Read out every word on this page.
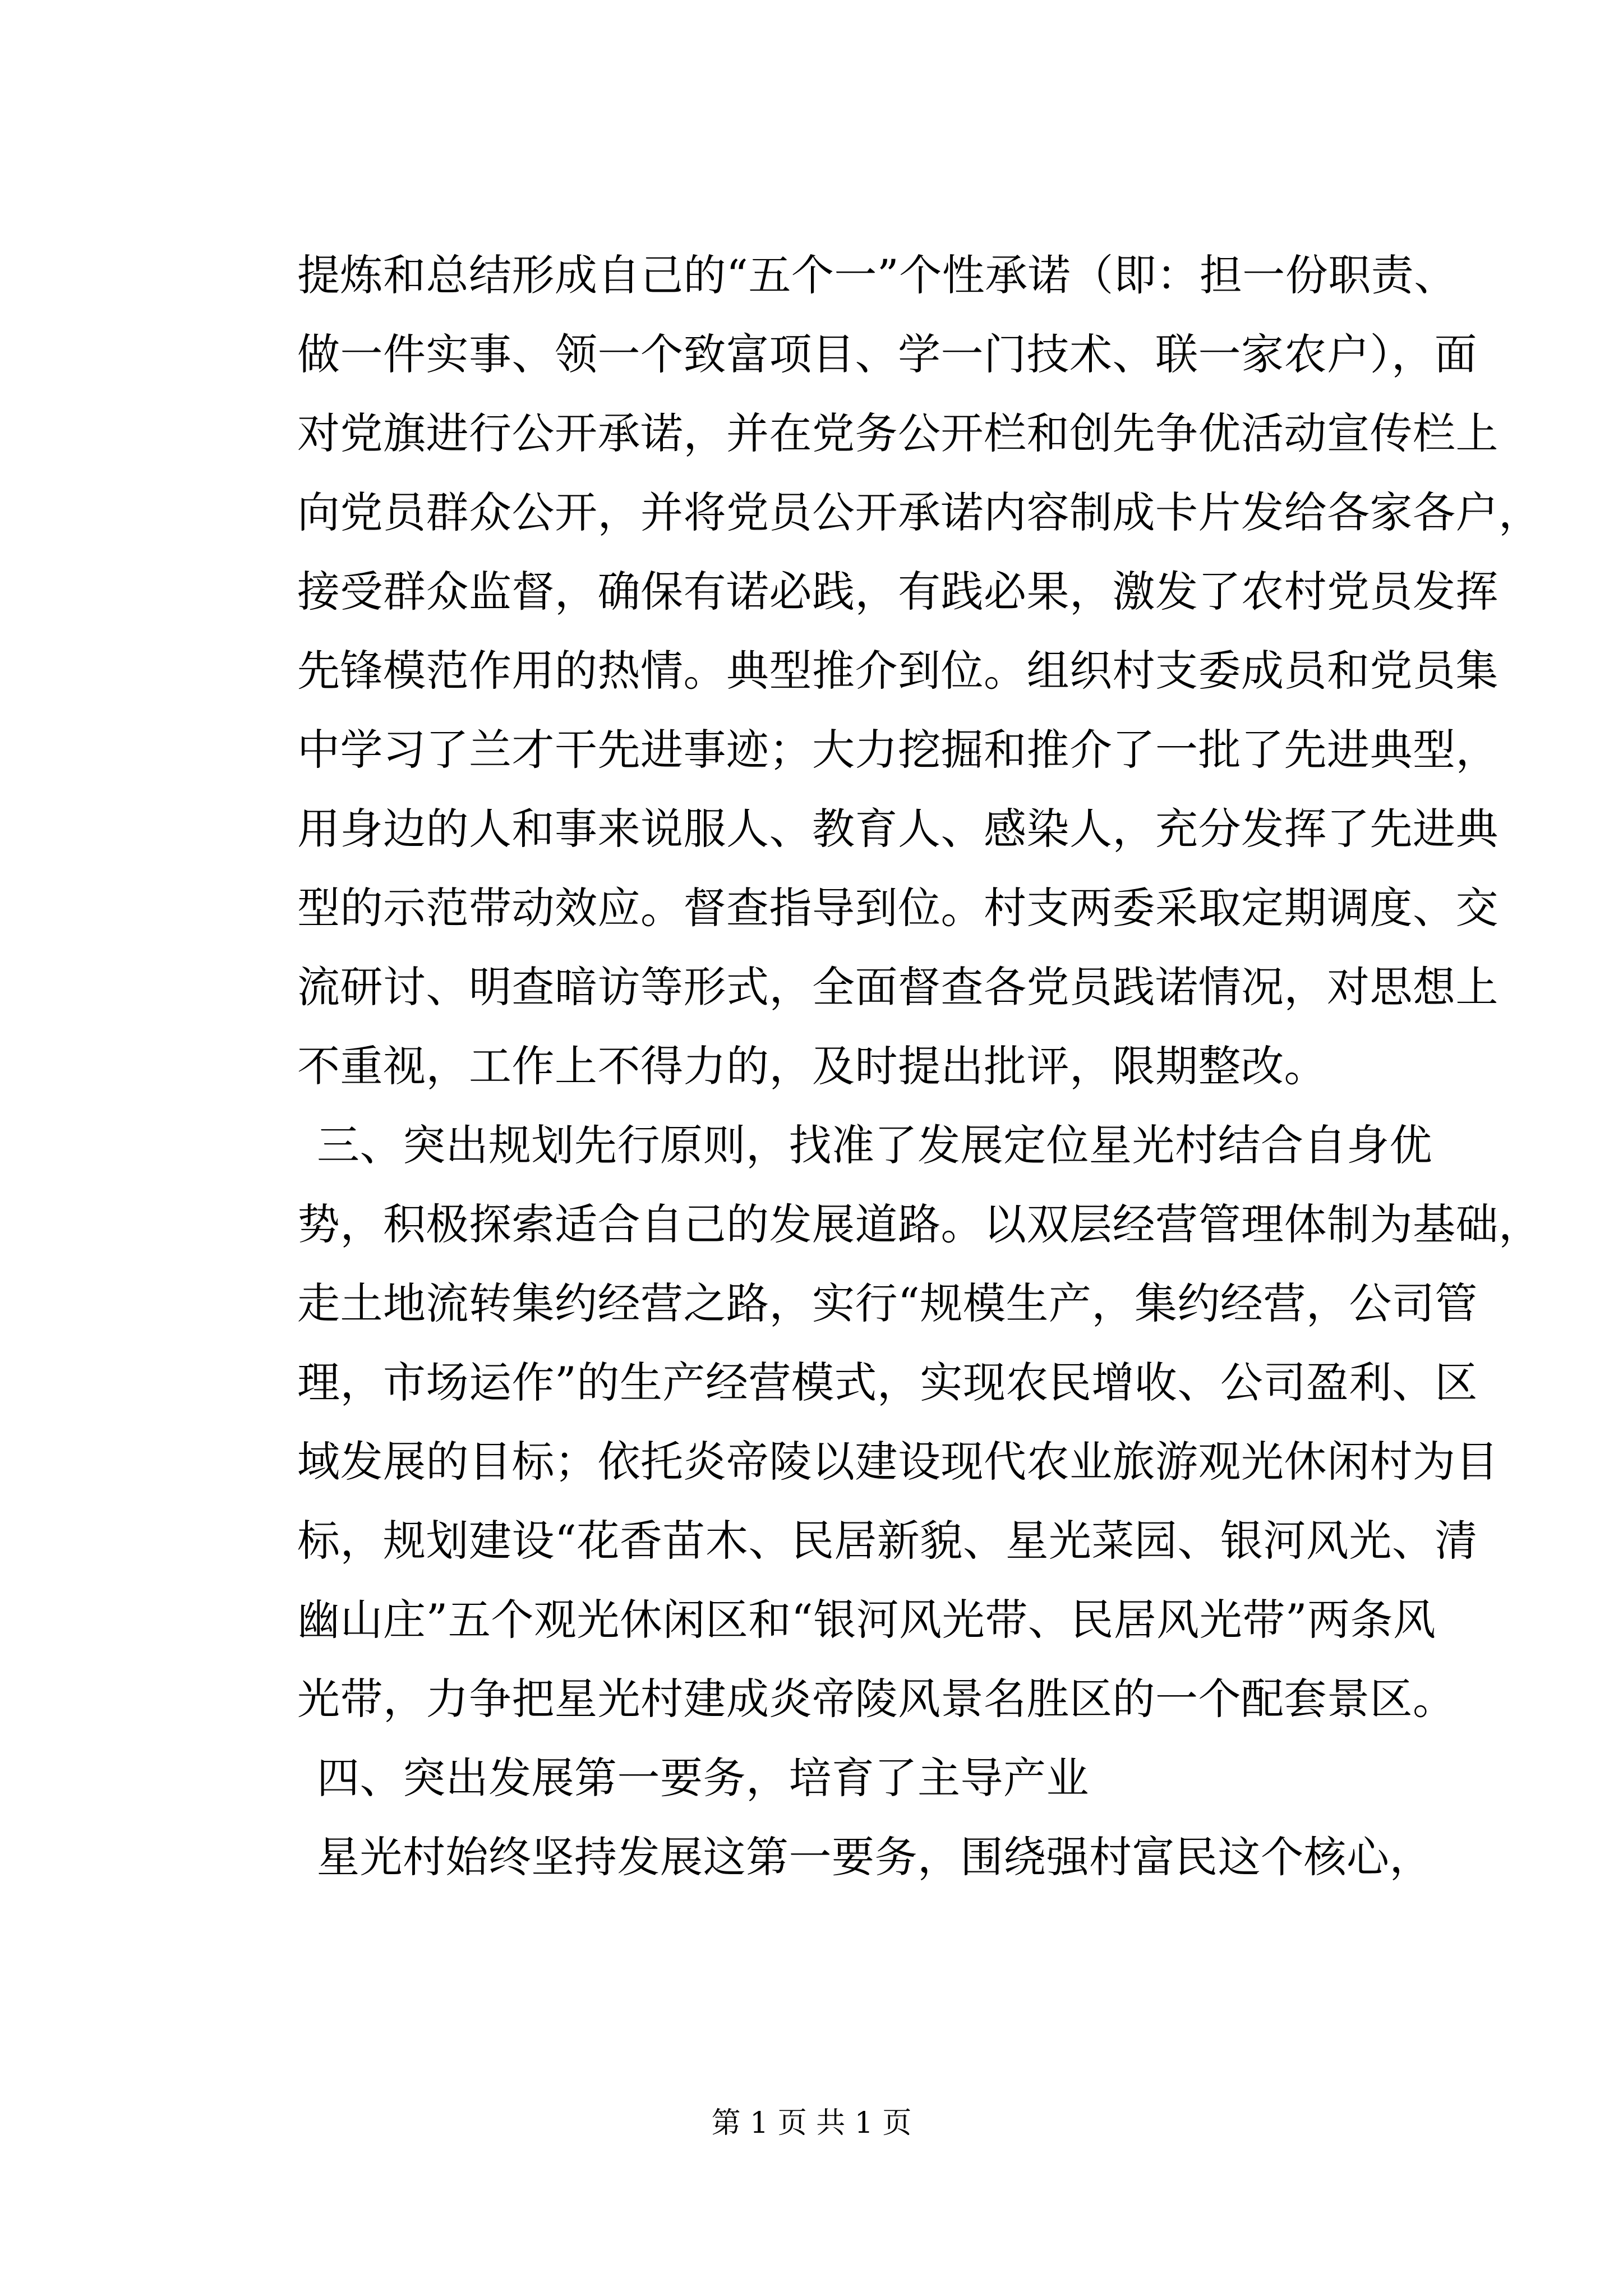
提炼和总结形成自己的“五个一”个性承诺（即：担一份职责、
做一件实事、领一个致富项目、学一门技术、联一家农户），面
对党旗进行公开承诺，并在党务公开栏和创先争优活动宣传栏上
向党员群众公开，并将党员公开承诺内容制成卡片发给各家各户，
接受群众监督，确保有诺必践，有践必果，激发了农村党员发挥
先锋模范作用的热情。典型推介到位。组织村支委成员和党员集
中学习了兰才干先进事迹；大力挖掘和推介了一批了先进典型，
用身边的人和事来说服人、教育人、感染人，充分发挥了先进典
型的示范带动效应。督查指导到位。村支两委采取定期调度、交
流研讨、明查暗访等形式，全面督查各党员践诺情况，对思想上
不重视，工作上不得力的，及时提出批评，限期整改。
三、突出规划先行原则，找准了发展定位星光村结合自身优
势，积极探索适合自己的发展道路。以双层经营管理体制为基础，
走土地流转集约经营之路，实行“规模生产，集约经营，公司管
理，市场运作”的生产经营模式，实现农民增收、公司盈利、区
域发展的目标；依托炎帝陵以建设现代农业旅游观光休闲村为目
标，规划建设“花香苗木、民居新貌、星光菜园、银河风光、清
幽山庄”五个观光休闲区和“银河风光带、民居风光带”两条风
光带，力争把星光村建成炎帝陵风景名胜区的一个配套景区。
四、突出发展第一要务，培育了主导产业
星光村始终坚持发展这第一要务，围绕强村富民这个核心，
第 1 页 共 1 页
